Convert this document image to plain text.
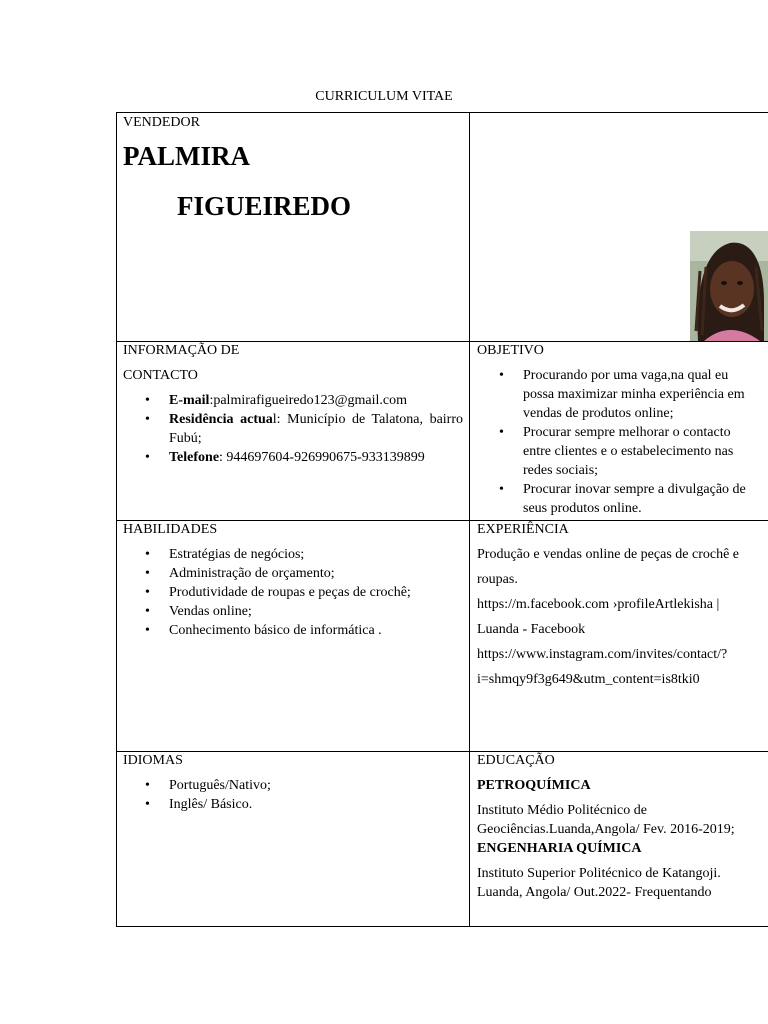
CURRICULUM VITAE
VENDEDOR
PALMIRA
FIGUEIREDO
INFORMAÇÃO DE
CONTACTO
• E-mail:palmirafigueiredo123@gmail.com
• Residência actual: Município de Talatona, bairro Fubú;
• Telefone: 944697604-926990675-933139899
OBJETIVO
• Procurando por uma vaga,na qual eu possa maximizar minha experiência em vendas de produtos online;
• Procurar sempre melhorar o contacto entre clientes e o estabelecimento nas redes sociais;
• Procurar inovar sempre a divulgação de seus produtos online.
HABILIDADES
• Estratégias de negócios;
• Administração de orçamento;
• Produtividade de roupas e peças de crochê;
• Vendas online;
• Conhecimento básico de informática .
EXPERIÊNCIA
Produção e vendas online de peças de crochê e
roupas.
https://m.facebook.com ›profileArtlekisha |
Luanda - Facebook
https://www.instagram.com/invites/contact/?
i=shmqy9f3g649&utm_content=is8tki0
IDIOMAS
• Português/Nativo;
• Inglês/ Básico.
EDUCAÇÃO
PETROQUÍMICA
Instituto Médio Politécnico de
Geociências.Luanda,Angola/ Fev. 2016-2019;
ENGENHARIA QUÍMICA
Instituto Superior Politécnico de Katangoji.
Luanda, Angola/ Out.2022- Frequentando
